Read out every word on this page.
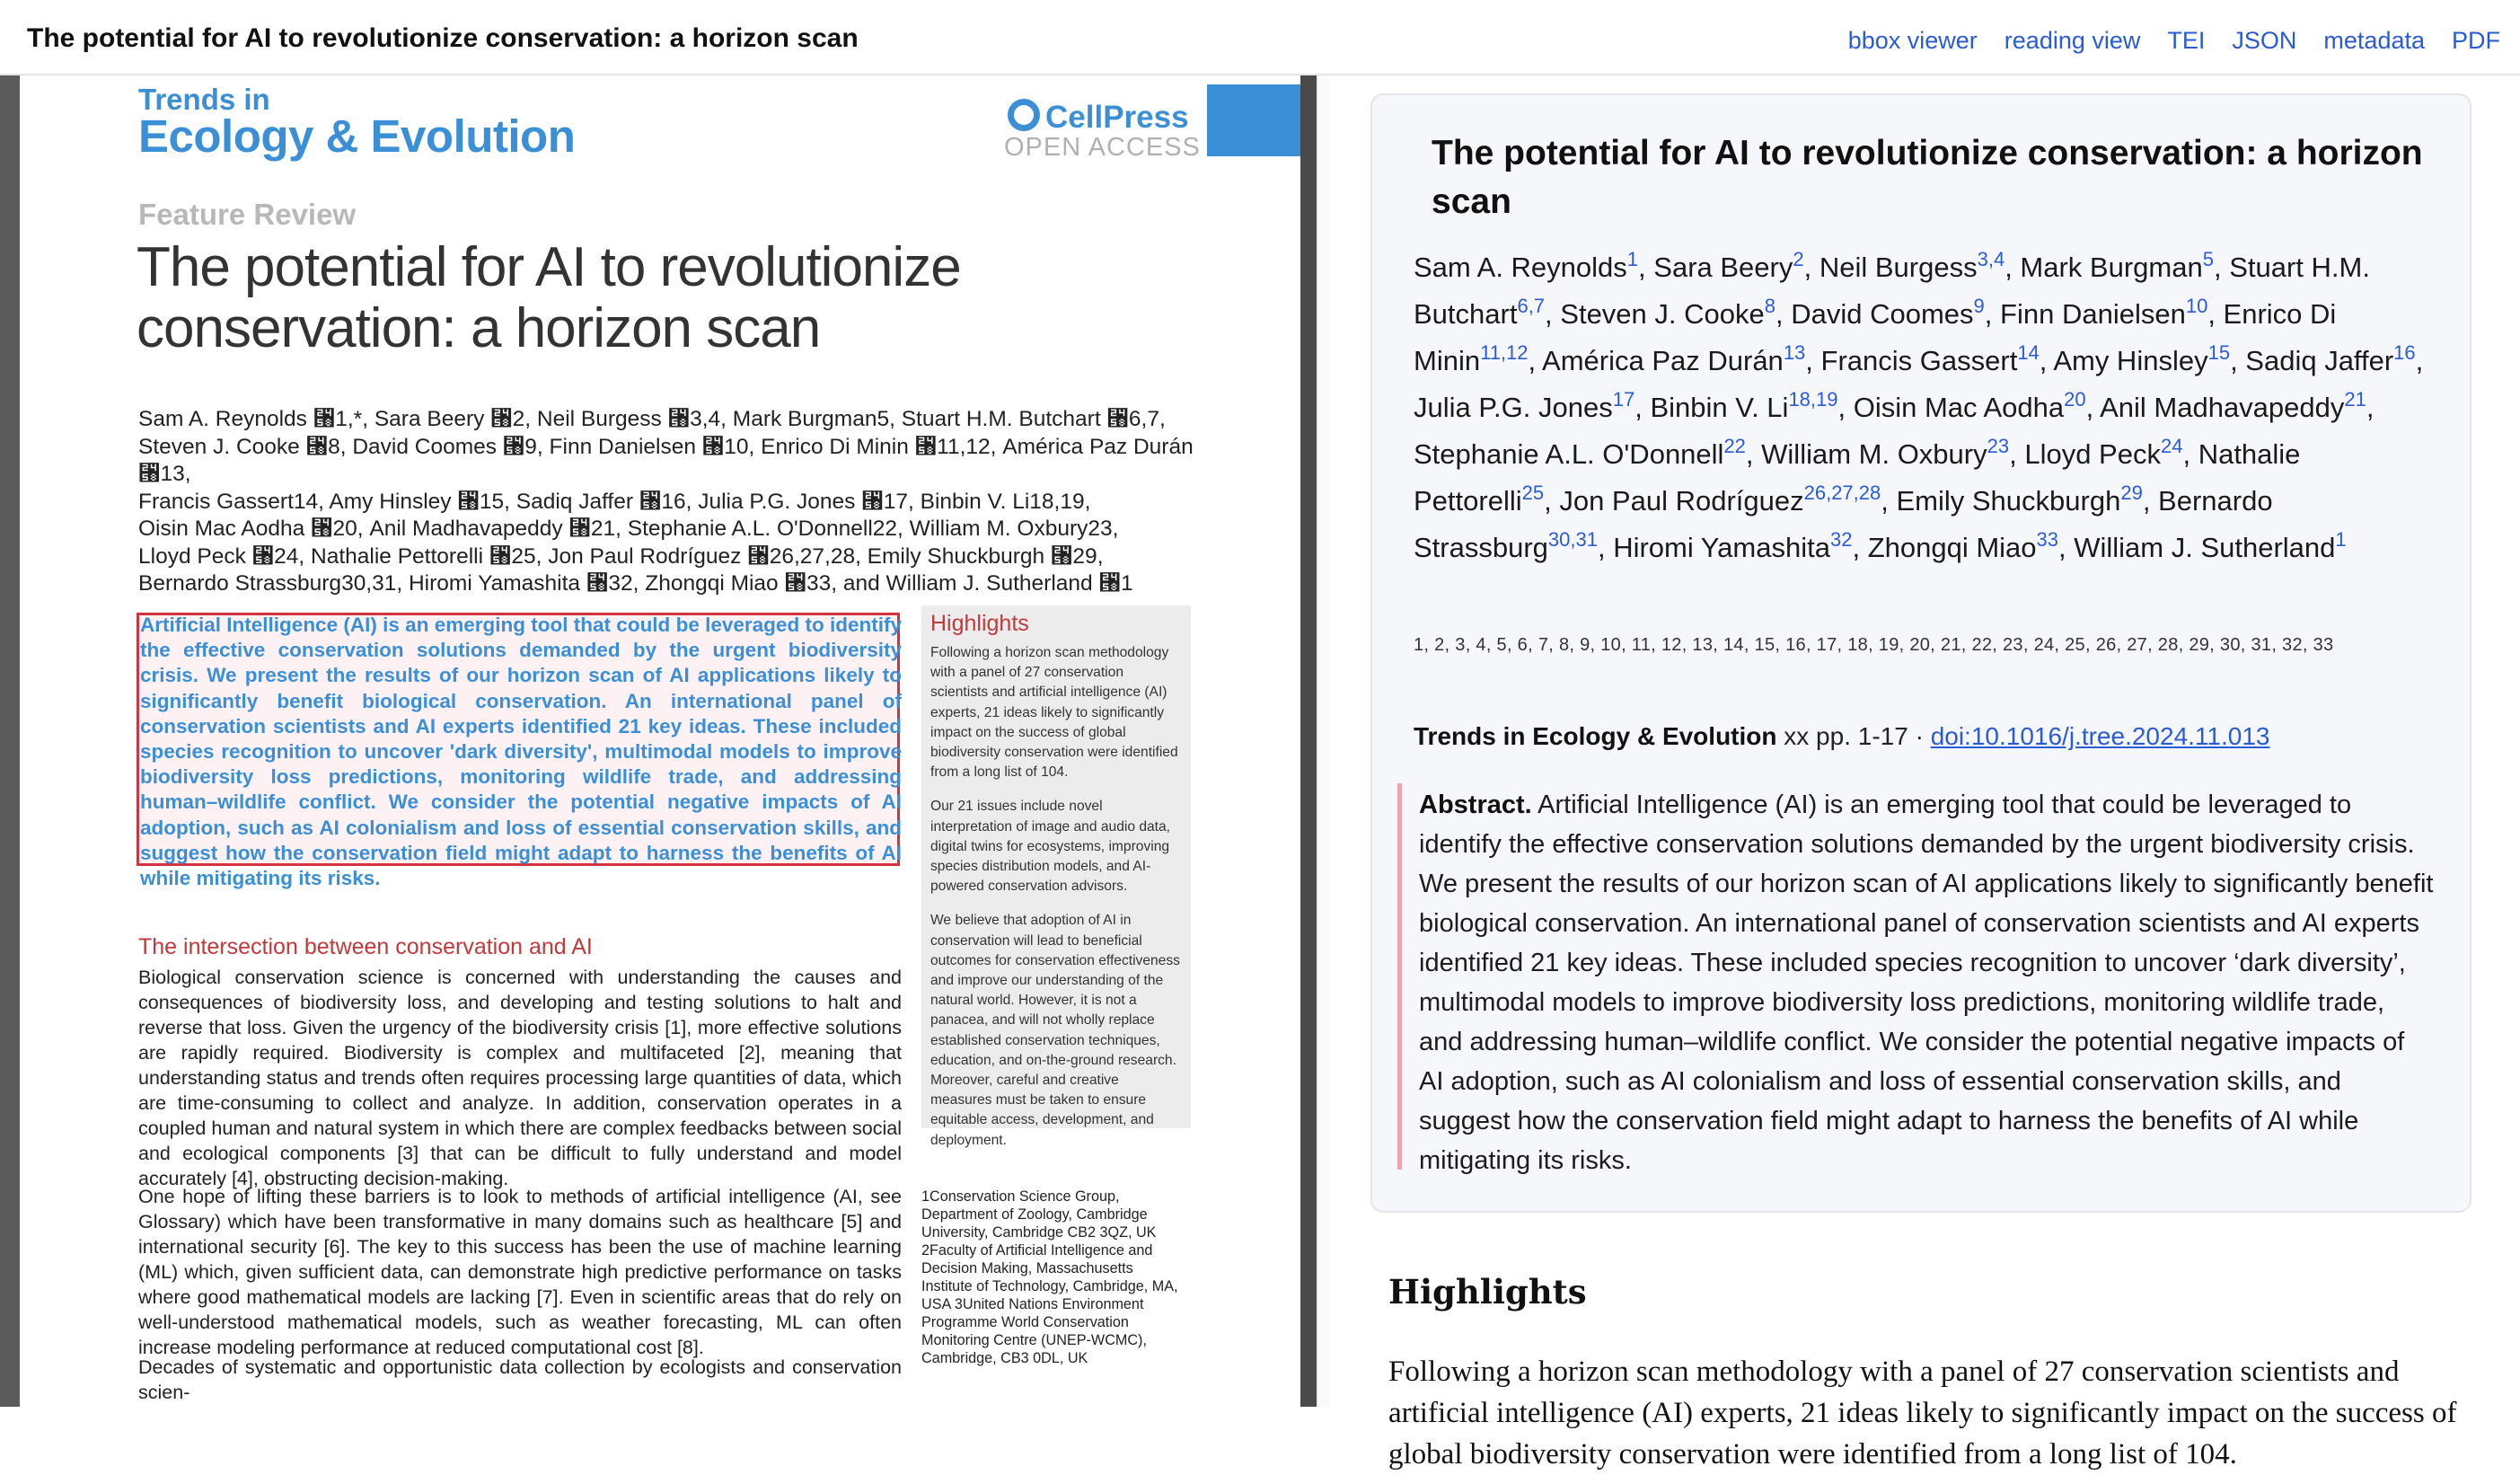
The potential for AI to revolutionize conservation: a horizon scan	bbox viewer reading view TEI JSON metadata PDF
Trends in
Ecology & Evolution	CellPress
OPEN ACCESS
Feature Review
The potential for AI to revolutionize conservation: a horizon scan
Sam A. Reynolds ⑘1,*, Sara Beery ⑘2, Neil Burgess ⑘3,4, Mark Burgman5, Stuart H.M. Butchart ⑘6,7,
Steven J. Cooke ⑘8, David Coomes ⑘9, Finn Danielsen ⑘10, Enrico Di Minin ⑘11,12, América Paz Durán ⑘13,
Francis Gassert14, Amy Hinsley ⑘15, Sadiq Jaffer ⑘16, Julia P.G. Jones ⑘17, Binbin V. Li18,19,
Oisin Mac Aodha ⑘20, Anil Madhavapeddy ⑘21, Stephanie A.L. O'Donnell22, William M. Oxbury23,
Lloyd Peck ⑘24, Nathalie Pettorelli ⑘25, Jon Paul Rodríguez ⑘26,27,28, Emily Shuckburgh ⑘29,
Bernardo Strassburg30,31, Hiromi Yamashita ⑘32, Zhongqi Miao ⑘33, and William J. Sutherland ⑘1
Artificial Intelligence (AI) is an emerging tool that could be leveraged to identify the effective conservation solutions demanded by the urgent biodiversity crisis. We present the results of our horizon scan of AI applications likely to significantly benefit biological conservation. An international panel of conservation scientists and AI experts identified 21 key ideas. These included species recognition to uncover 'dark diversity', multimodal models to improve biodiversity loss predictions, monitoring wildlife trade, and addressing human–wildlife conflict. We consider the potential negative impacts of AI adoption, such as AI colonialism and loss of essential conservation skills, and suggest how the conservation field might adapt to harness the benefits of AI while mitigating its risks.
Highlights

Following a horizon scan methodology with a panel of 27 conservation scientists and artificial intelligence (AI) experts, 21 ideas likely to significantly impact on the success of global biodiversity conservation were identified from a long list of 104.

Our 21 issues include novel interpretation of image and audio data, digital twins for ecosystems, improving species distribution models, and AI-powered conservation advisors.

We believe that adoption of AI in conservation will lead to beneficial outcomes for conservation effectiveness and improve our understanding of the natural world. However, it is not a panacea, and will not wholly replace established conservation techniques, education, and on-the-ground research. Moreover, careful and creative measures must be taken to ensure equitable access, development, and deployment.

The intersection between conservation and AI
Biological conservation science is concerned with understanding the causes and consequences of biodiversity loss, and developing and testing solutions to halt and reverse that loss. Given the urgency of the biodiversity crisis [1], more effective solutions are rapidly required. Biodiversity is complex and multifaceted [2], meaning that understanding status and trends often requires processing large quantities of data, which are time-consuming to collect and analyze. In addition, conservation operates in a coupled human and natural system in which there are complex feedbacks between social and ecological components [3] that can be difficult to fully understand and model accurately [4], obstructing decision-making.
One hope of lifting these barriers is to look to methods of artificial intelligence (AI, see Glossary) which have been transformative in many domains such as healthcare [5] and international security [6]. The key to this success has been the use of machine learning (ML) which, given sufficient data, can demonstrate high predictive performance on tasks where good mathematical models are lacking [7]. Even in scientific areas that do rely on well-understood mathematical models, such as weather forecasting, ML can often increase modeling performance at reduced computational cost [8].
Decades of systematic and opportunistic data collection by ecologists and conservation scien-
1Conservation Science Group, Department of Zoology, Cambridge University, Cambridge CB2 3QZ, UK 2Faculty of Artificial Intelligence and Decision Making, Massachusetts Institute of Technology, Cambridge, MA, USA 3United Nations Environment Programme World Conservation Monitoring Centre (UNEP-WCMC), Cambridge, CB3 0DL, UK
The potential for AI to revolutionize conservation: a horizon scan
Sam A. Reynolds$^1$, Sara Beery$^2$, Neil Burgess$^{3,4}$, Mark Burgman$^5$, Stuart H.M. Butchart$^{6,7}$, Steven J. Cooke$^8$, David Coomes$^9$, Finn Danielsen$^{10}$, Enrico Di Minin$^{11,12}$, América Paz Durán$^{13}$, Francis Gassert$^{14}$, Amy Hinsley$^{15}$, Sadiq Jaffer$^{16}$, Julia P.G. Jones$^{17}$, Binbin V. Li$^{18,19}$, Oisin Mac Aodha$^{20}$, Anil Madhavapeddy$^{21}$, Stephanie A.L. O'Donnell$^{22}$, William M. Oxbury$^{23}$, Lloyd Peck$^{24}$, Nathalie Pettorelli$^{25}$, Jon Paul Rodríguez$^{26,27,28}$, Emily Shuckburgh$^{29}$, Bernardo Strassburg$^{30,31}$, Hiromi Yamashita$^{32}$, Zhongqi Miao$^{33}$, William J. Sutherland$^1$
1, 2, 3, 4, 5, 6, 7, 8, 9, 10, 11, 12, 13, 14, 15, 16, 17, 18, 19, 20, 21, 22, 23, 24, 25, 26, 27, 28, 29, 30, 31, 32, 33
Trends in Ecology & Evolution xx pp. 1-17 · doi:10.1016/j.tree.2024.11.013
Abstract. Artificial Intelligence (AI) is an emerging tool that could be leveraged to identify the effective conservation solutions demanded by the urgent biodiversity crisis. We present the results of our horizon scan of AI applications likely to significantly benefit biological conservation. An international panel of conservation scientists and AI experts identified 21 key ideas. These included species recognition to uncover ‘dark diversity’, multimodal models to improve biodiversity loss predictions, monitoring wildlife trade, and addressing human–wildlife conflict. We consider the potential negative impacts of AI adoption, such as AI colonialism and loss of essential conservation skills, and suggest how the conservation field might adapt to harness the benefits of AI while mitigating its risks.
Highlights
Following a horizon scan methodology with a panel of 27 conservation scientists and artificial intelligence (AI) experts, 21 ideas likely to significantly impact on the success of global biodiversity conservation were identified from a long list of 104.
